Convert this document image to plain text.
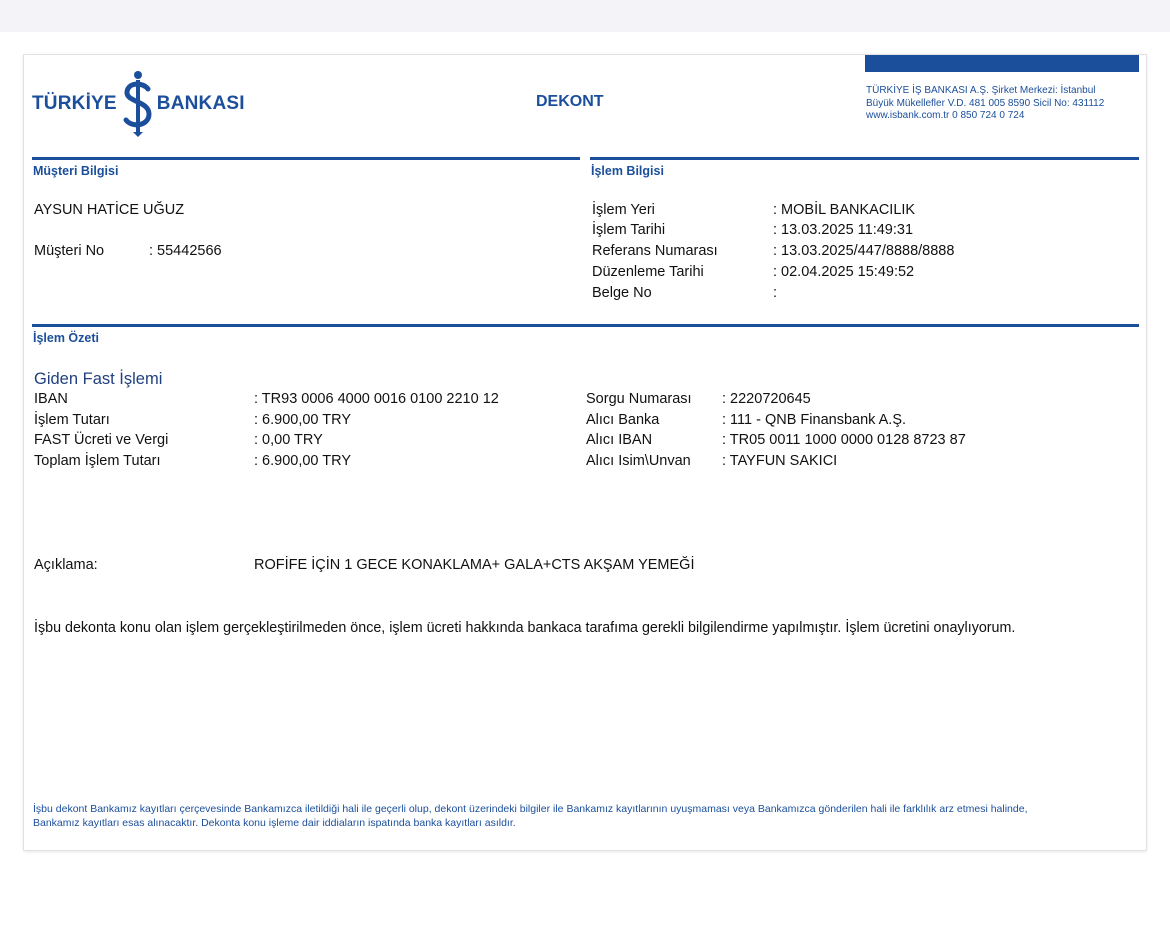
TÜRKİYE BANKASI	DEKONT
TÜRKİYE İŞ BANKASI A.Ş. Şirket Merkezi: İstanbul
Büyük Mükellefler V.D. 481 005 8590 Sicil No: 431112
www.isbank.com.tr 0 850 724 0 724
Müşteri Bilgisi
AYSUN HATİCE UĞUZ
Müşteri No	: 55442566
İşlem Bilgisi
İşlem Yeri	: MOBİL BANKACILIK
İşlem Tarihi	: 13.03.2025 11:49:31
Referans Numarası	: 13.03.2025/447/8888/8888
Düzenleme Tarihi	: 02.04.2025 15:49:52
Belge No	:
İşlem Özeti
Giden Fast İşlemi
IBAN	: TR93 0006 4000 0016 0100 2210 12
İşlem Tutarı	: 6.900,00 TRY
FAST Ücreti ve Vergi	: 0,00 TRY
Toplam İşlem Tutarı	: 6.900,00 TRY
Sorgu Numarası : 2220720645
Alıcı Banka	: 111 - QNB Finansbank A.Ş.
Alıcı IBAN	: TR05 0011 1000 0000 0128 8723 87
Alıcı Isim\Unvan : TAYFUN SAKICI
Açıklama:	ROFİFE İÇİN 1 GECE KONAKLAMA+ GALA+CTS AKŞAM YEMEĞİ
İşbu dekonta konu olan işlem gerçekleştirilmeden önce, işlem ücreti hakkında bankaca tarafıma gerekli bilgilendirme yapılmıştır. İşlem ücretini onaylıyorum.
İşbu dekont Bankamız kayıtları çerçevesinde Bankamızca iletildiği hali ile geçerli olup, dekont üzerindeki bilgiler ile Bankamız kayıtlarının uyuşmaması veya Bankamızca gönderilen hali ile farklılık arz etmesi halinde,
Bankamız kayıtları esas alınacaktır. Dekonta konu işleme dair iddiaların ispatında banka kayıtları asıldır.
